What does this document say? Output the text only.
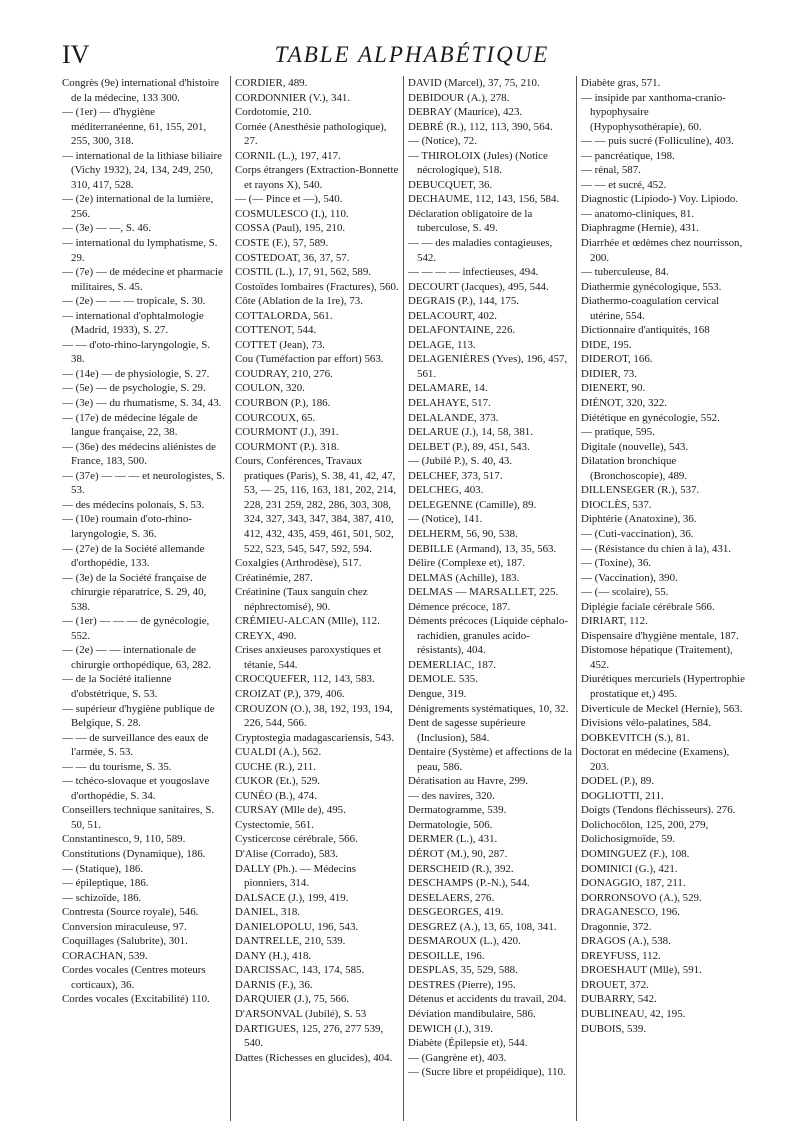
IV	TABLE ALPHABÉTIQUE

Congrès (9e) international d'histoire de la médecine, 133 300.

— (1er) — d'hygiène méditerranéenne, 61, 155, 201, 255, 300, 318.

— international de la lithiase biliaire (Vichy 1932), 24, 134, 249, 250, 310, 417, 528.

— (2e) international de la lumière, 256.

— (3e) — —, S. 46.

— international du lymphatisme, S. 29.

— (7e) — de médecine et pharmacie militaires, S. 45.

— (2e) — — — tropicale, S. 30.

— international d'ophtalmologie (Madrid, 1933), S. 27.

— — d'oto-rhino-laryngologie, S. 38.

— (14e) — de physiologie, S. 27.

— (5e) — de psychologie, S. 29.

— (3e) — du rhumatisme, S. 34, 43.

— (17e) de médecine légale de langue française, 22, 38.

— (36e) des médecins aliénistes de France, 183, 500.

— (37e) — — — et neurologistes, S. 53.

— des médecins polonais, S. 53.

— (10e) roumain d'oto-rhino-laryngologie, S. 36.

— (27e) de la Société allemande d'orthopédie, 133.

— (3e) de la Société française de chirurgie réparatrice, S. 29, 40, 538.

— (1er) — — — de gynécologie, 552.

— (2e) — — internationale de chirurgie orthopédique, 63, 282.

— de la Société italienne d'obstétrique, S. 53.

— supérieur d'hygiène publique de Belgique, S. 28.

— — de surveillance des eaux de l'armée, S. 53.

— — du tourisme, S. 35.

— tchéco-slovaque et yougoslave d'orthopédie, S. 34.

Conseillers technique sanitaires, S. 50, 51.

Constantinesco, 9, 110, 589.

Constitutions (Dynamique), 186.

— (Statique), 186.

— épileptique, 186.

— schizoïde, 186.

Contresta (Source royale), 546.

Conversion miraculeuse, 97.

Coquillages (Salubrite), 301.

CORACHAN, 539.

Cordes vocales (Centres moteurs corticaux), 36.

Cordes vocales (Excitabilité) 110.

CORDIER, 489.

CORDONNIER (V.), 341.

Cordotomie, 210.

Cornée (Anesthésie pathologique), 27.

CORNIL (L.), 197, 417.

Corps étrangers (Extraction-Bonnette et rayons X), 540.

— (— Pince et —), 540.

COSMULESCO (I.), 110.

COSSA (Paul), 195, 210.

COSTE (F.), 57, 589.

COSTEDOAT, 36, 37, 57.

COSTIL (L.), 17, 91, 562, 589.

Costoïdes lombaires (Fractures), 560.

Côte (Ablation de la 1re), 73.

COTTALORDA, 561.

COTTENOT, 544.

COTTET (Jean), 73.

Cou (Tuméfaction par effort) 563.

COUDRAY, 210, 276.

COULON, 320.

COURBON (P.), 186.

COURCOUX, 65.

COURMONT (J.), 391.

COURMONT (P.). 318.

Cours, Conférences, Travaux pratiques (Paris), S. 38, 41, 42, 47, 53, — 25, 116, 163, 181, 202, 214, 228, 231 259, 282, 286, 303, 308, 324, 327, 343, 347, 384, 387, 410, 412, 432, 435, 459, 461, 501, 502, 522, 523, 545, 547, 592, 594.

Coxalgies (Arthrodèse), 517.

Créatinémie, 287.

Créatinine (Taux sanguin chez néphrectomisé), 90.

CRÉMIEU-ALCAN (Mlle), 112.

CREYX, 490.

Crises anxieuses paroxystiques et tétanie, 544.

CROCQUEFER, 112, 143, 583.

CROIZAT (P.), 379, 406.

CROUZON (O.), 38, 192, 193, 194, 226, 544, 566.

Cryptostegia madagascariensis, 543.

CUALDI (A.), 562.

CUCHE (R.), 211.

CUKOR (Et.), 529.

CUNÉO (B.), 474.

CURSAY (Mlle de), 495.

Cystectomie, 561.

Cysticercose cérébrale, 566.

D'Alise (Corrado), 583.

DALLY (Ph.). — Médecins pionniers, 314.

DALSACE (J.), 199, 419.

DANIEL, 318.

DANIELOPOLU, 196, 543.

DANTRELLE, 210, 539.

DANY (H.), 418.

DARCISSAC, 143, 174, 585.

DARNIS (F.), 36.

DARQUIER (J.), 75, 566.

D'ARSONVAL (Jubilé), S. 53

DARTIGUES, 125, 276, 277 539, 540.

Dattes (Richesses en glucides), 404.

DAVID (Marcel), 37, 75, 210.

DEBIDOUR (A.), 278.

DEBRAY (Maurice), 423.

DEBRÉ (R.), 112, 113, 390, 564.

— (Notice), 72.

— THIROLOIX (Jules) (Notice nécrologique), 518.

DEBUCQUET, 36.

DECHAUME, 112, 143, 156, 584.

Déclaration obligatoire de la tuberculose, S. 49.

— — des maladies contagieuses, 542.

— — — — infectieuses, 494.

DECOURT (Jacques), 495, 544.

DEGRAIS (P.), 144, 175.

DELACOURT, 402.

DELAFONTAINE, 226.

DELAGE, 113.

DELAGENIÈRES (Yves), 196, 457, 561.

DELAMARE, 14.

DELAHAYE, 517.

DELALANDE, 373.

DELARUE (J.), 14, 58, 381.

DELBET (P.), 89, 451, 543.

— (Jubilé P.), S. 40, 43.

DELCHEF, 373, 517.

DELCHEG, 403.

DELEGENNE (Camille), 89.

— (Notice), 141.

DELHERM, 56, 90, 538.

DEBILLE (Armand), 13, 35, 563.

Délire (Complexe et), 187.

DELMAS (Achille), 183.

DELMAS — MARSALLET, 225.

Démence précoce, 187.

Déments précoces (Liquide céphalo-rachidien, granules acido-résistants), 404.

DEMERLIAC, 187.

DEMOLE. 535.

Dengue, 319.

Dénigrements systématiques, 10, 32.

Dent de sagesse supérieure (Inclusion), 584.

Dentaire (Système) et affections de la peau, 586.

Dératisation au Havre, 299.

— des navires, 320.

Dermatogramme, 539.

Dermatologie, 506.

DERMER (L.), 431.

DÉROT (M.), 90, 287.

DERSCHEID (R.), 392.

DESCHAMPS (P.-N.), 544.

DESELAERS, 276.

DESGEORGES, 419.

DESGREZ (A.), 13, 65, 108, 341.

DESMAROUX (L.), 420.

DESOILLE, 196.

DESPLAS, 35, 529, 588.

DESTRES (Pierre), 195.

Détenus et accidents du travail, 204.

Déviation mandibulaire, 586.

DEWICH (J.), 319.

Diabète (Épilepsie et), 544.

— (Gangrène et), 403.

— (Sucre libre et propéidique), 110.

Diabète gras, 571.

— insipide par xanthoma-cranio-hypophysaire (Hypophysothérapie), 60.

— — puis sucré (Folliculine), 403.

— pancréatique, 198.

— rénal, 587.

— — et sucré, 452.

Diagnostic (Lipiodo-) Voy. Lipiodo.

— anatomo-cliniques, 81.

Diaphragme (Hernie), 431.

Diarrhée et œdèmes chez nourrisson, 200.

— tuberculeuse, 84.

Diathermie gynécologique, 553.

Diathermo-coagulation cervical utérine, 554.

Dictionnaire d'antiquités, 168

DIDE, 195.

DIDEROT, 166.

DIDIER, 73.

DIENERT, 90.

DIÉNOT, 320, 322.

Diététique en gynécologie, 552.

— pratique, 595.

Digitale (nouvelle), 543.

Dilatation bronchique (Bronchoscopie), 489.

DILLENSEGER (R.), 537.

DIOCLÈS, 537.

Diphtérie (Anatoxine), 36.

— (Cuti-vaccination), 36.

— (Résistance du chien à la), 431.

— (Toxine), 36.

— (Vaccination), 390.

— (— scolaire), 55.

Diplégie faciale cérébrale 566.

DIRIART, 112.

Dispensaire d'hygiène mentale, 187.

Distomose hépatique (Traitement), 452.

Diurétiques mercuriels (Hypertrophie prostatique et,) 495.

Diverticule de Meckel (Hernie), 563.

Divisions vélo-palatines, 584.

DOBKEVITCH (S.), 81.

Doctorat en médecine (Examens), 203.

DODEL (P.), 89.

DOGLIOTTI, 211.

Doigts (Tendons fléchisseurs). 276.

Dolichocôlon, 125, 200, 279,

Dolichosigmoïde, 59.

DOMINGUEZ (F.), 108.

DOMINICI (G.), 421.

DONAGGIO, 187, 211.

DORRONSOVO (A.), 529.

DRAGANESCO, 196.

Dragonnie, 372.

DRAGOS (A.), 538.

DREYFUSS, 112.

DROESHAUT (Mlle), 591.

DROUET, 372.

DUBARRY, 542.

DUBLINEAU, 42, 195.

DUBOIS, 539.
